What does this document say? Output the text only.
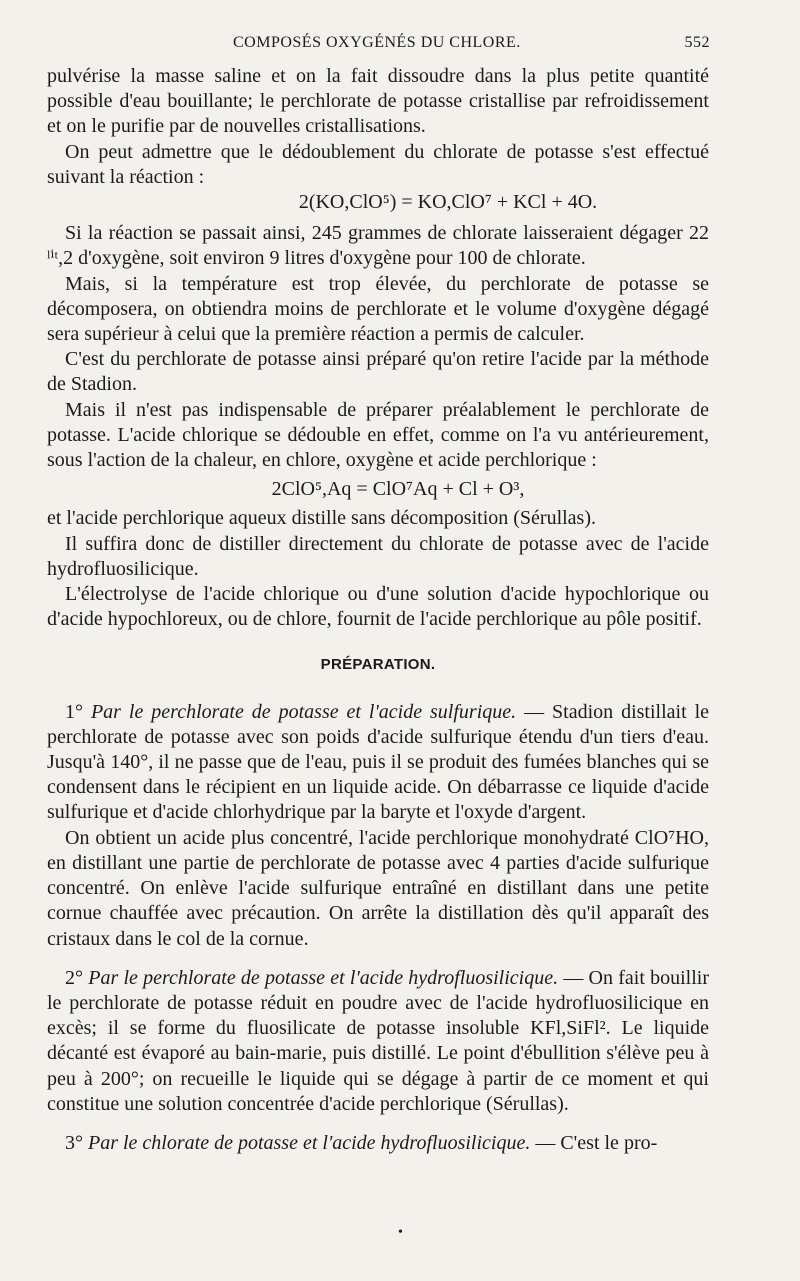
COMPOSÉS OXYGÉNÉS DU CHLORE.	552

pulvérise la masse saline et on la fait dissoudre dans la plus petite quantité possible d'eau bouillante; le perchlorate de potasse cristallise par refroidissement et on le purifie par de nouvelles cristallisations.

On peut admettre que le dédoublement du chlorate de potasse s'est effectué suivant la réaction :

2(KO,ClO⁵) = KO,ClO⁷ + KCl + 4O.

Si la réaction se passait ainsi, 245 grammes de chlorate laisseraient dégager 22 ˡⁱᵗ,2 d'oxygène, soit environ 9 litres d'oxygène pour 100 de chlorate.

Mais, si la température est trop élevée, du perchlorate de potasse se décomposera, on obtiendra moins de perchlorate et le volume d'oxygène dégagé sera supérieur à celui que la première réaction a permis de calculer.

C'est du perchlorate de potasse ainsi préparé qu'on retire l'acide par la méthode de Stadion.

Mais il n'est pas indispensable de préparer préalablement le perchlorate de potasse. L'acide chlorique se dédouble en effet, comme on l'a vu antérieurement, sous l'action de la chaleur, en chlore, oxygène et acide perchlorique :

2ClO⁵,Aq = ClO⁷Aq + Cl + O³,

et l'acide perchlorique aqueux distille sans décomposition (Sérullas).

Il suffira donc de distiller directement du chlorate de potasse avec de l'acide hydrofluosilicique.

L'électrolyse de l'acide chlorique ou d'une solution d'acide hypochlorique ou d'acide hypochloreux, ou de chlore, fournit de l'acide perchlorique au pôle positif.

PRÉPARATION.

1° Par le perchlorate de potasse et l'acide sulfurique. — Stadion distillait le perchlorate de potasse avec son poids d'acide sulfurique étendu d'un tiers d'eau. Jusqu'à 140°, il ne passe que de l'eau, puis il se produit des fumées blanches qui se condensent dans le récipient en un liquide acide. On débarrasse ce liquide d'acide sulfurique et d'acide chlorhydrique par la baryte et l'oxyde d'argent.

On obtient un acide plus concentré, l'acide perchlorique monohydraté ClO⁷HO, en distillant une partie de perchlorate de potasse avec 4 parties d'acide sulfurique concentré. On enlève l'acide sulfurique entraîné en distillant dans une petite cornue chauffée avec précaution. On arrête la distillation dès qu'il apparaît des cristaux dans le col de la cornue.

2° Par le perchlorate de potasse et l'acide hydrofluosilicique. — On fait bouillir le perchlorate de potasse réduit en poudre avec de l'acide hydrofluosilicique en excès; il se forme du fluosilicate de potasse insoluble KFl,SiFl². Le liquide décanté est évaporé au bain-marie, puis distillé. Le point d'ébullition s'élève peu à peu à 200°; on recueille le liquide qui se dégage à partir de ce moment et qui constitue une solution concentrée d'acide perchlorique (Sérullas).

3° Par le chlorate de potasse et l'acide hydrofluosilicique. — C'est le pro-

•
